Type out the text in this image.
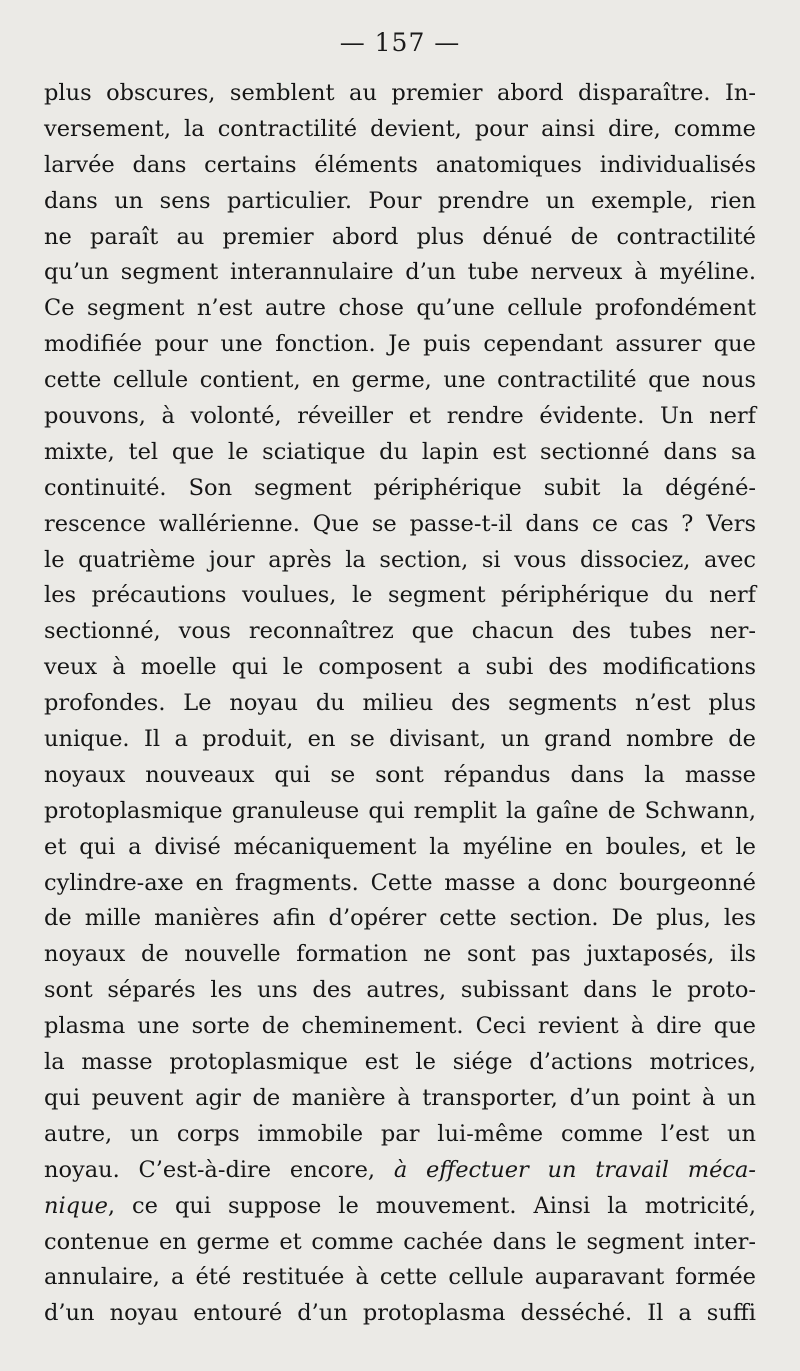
— 157 —
plus obscures, semblent au premier abord disparaître. In-
versement, la contractilité devient, pour ainsi dire, comme
larvée dans certains éléments anatomiques individualisés
dans un sens particulier. Pour prendre un exemple, rien
ne paraît au premier abord plus dénué de contractilité
qu’un segment interannulaire d’un tube nerveux à myéline.
Ce segment n’est autre chose qu’une cellule profondément
modifiée pour une fonction. Je puis cependant assurer que
cette cellule contient, en germe, une contractilité que nous
pouvons, à volonté, réveiller et rendre évidente. Un nerf
mixte, tel que le sciatique du lapin est sectionné dans sa
continuité. Son segment périphérique subit la dégéné-
rescence wallérienne. Que se passe-t-il dans ce cas ? Vers
le quatrième jour après la section, si vous dissociez, avec
les précautions voulues, le segment périphérique du nerf
sectionné, vous reconnaîtrez que chacun des tubes ner-
veux à moelle qui le composent a subi des modifications
profondes. Le noyau du milieu des segments n’est plus
unique. Il a produit, en se divisant, un grand nombre de
noyaux nouveaux qui se sont répandus dans la masse
protoplasmique granuleuse qui remplit la gaîne de Schwann,
et qui a divisé mécaniquement la myéline en boules, et le
cylindre-axe en fragments. Cette masse a donc bourgeonné
de mille manières afin d’opérer cette section. De plus, les
noyaux de nouvelle formation ne sont pas juxtaposés, ils
sont séparés les uns des autres, subissant dans le proto-
plasma une sorte de cheminement. Ceci revient à dire que
la masse protoplasmique est le siége d’actions motrices,
qui peuvent agir de manière à transporter, d’un point à un
autre, un corps immobile par lui-même comme l’est un
noyau. C’est-à-dire encore, à effectuer un travail méca-
nique, ce qui suppose le mouvement. Ainsi la motricité,
contenue en germe et comme cachée dans le segment inter-
annulaire, a été restituée à cette cellule auparavant formée
d’un noyau entouré d’un protoplasma desséché. Il a suffi
